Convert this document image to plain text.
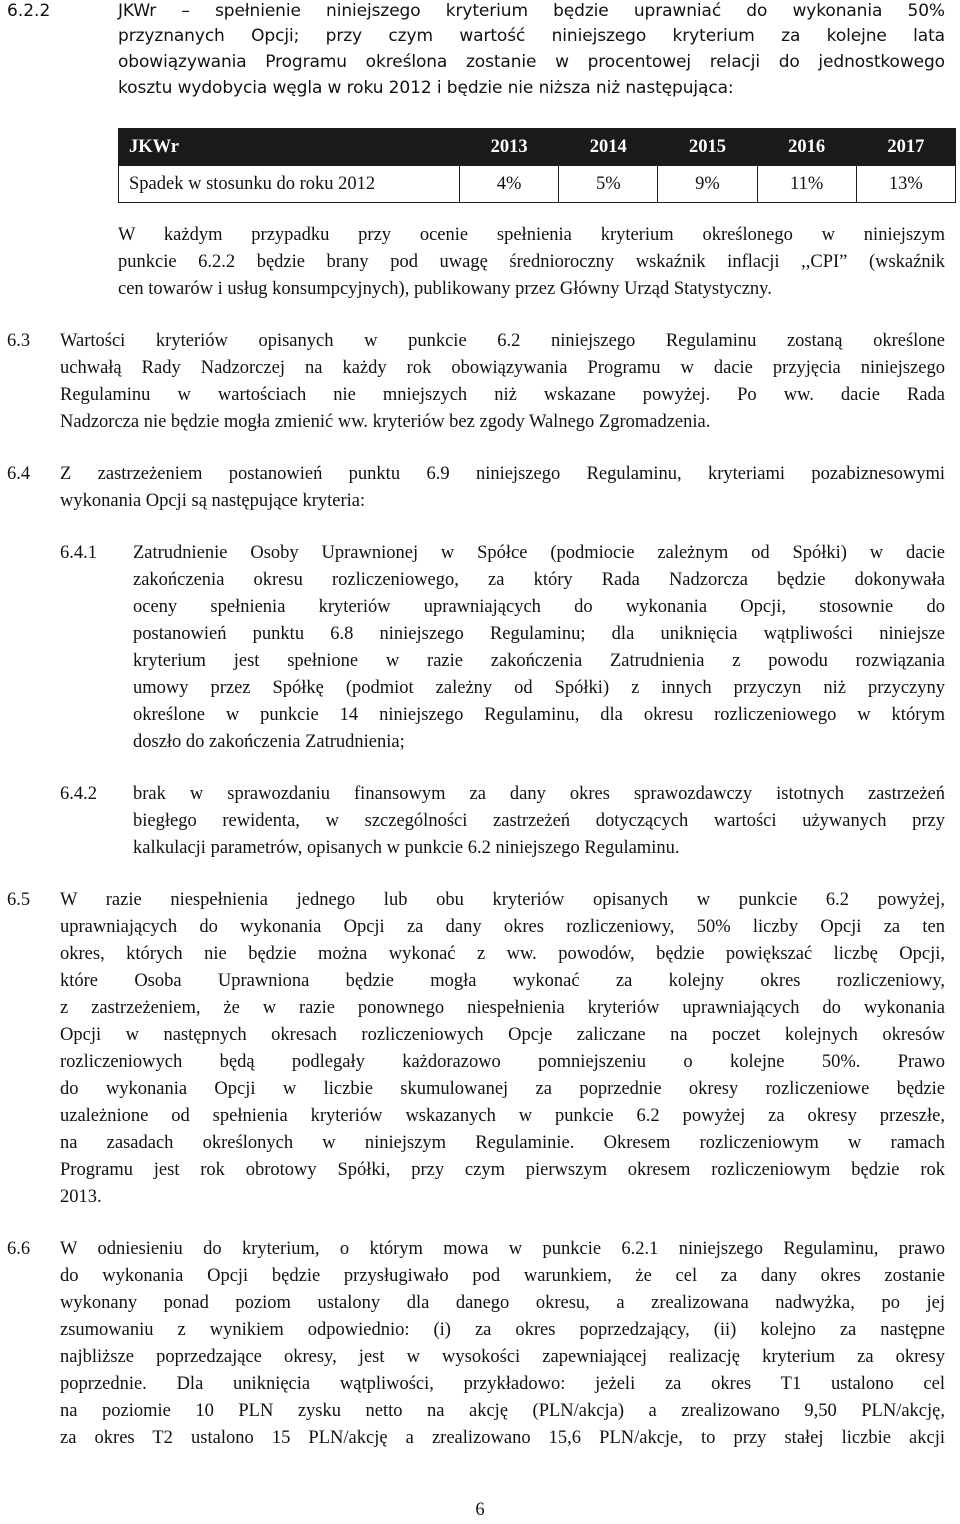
6.2.2	JKWr – spełnienie niniejszego kryterium będzie uprawniać do wykonania 50%
przyznanych Opcji; przy czym wartość niniejszego kryterium za kolejne lata
obowiązywania Programu określona zostanie w procentowej relacji do jednostkowego
kosztu wydobycia węgla w roku 2012 i będzie nie niższa niż następująca:
JKWr	2013	2014	2015	2016	2017
Spadek w stosunku do roku 2012	4%	5%	9%	11%	13%
W każdym przypadku przy ocenie spełnienia kryterium określonego w niniejszym
punkcie 6.2.2 będzie brany pod uwagę średnioroczny wskaźnik inflacji ,,CPI” (wskaźnik
cen towarów i usług konsumpcyjnych), publikowany przez Główny Urząd Statystyczny.
6.3 Wartości kryteriów opisanych w punkcie 6.2 niniejszego Regulaminu zostaną określone
uchwałą Rady Nadzorczej na każdy rok obowiązywania Programu w dacie przyjęcia niniejszego
Regulaminu w wartościach nie mniejszych niż wskazane powyżej. Po ww. dacie Rada
Nadzorcza nie będzie mogła zmienić ww. kryteriów bez zgody Walnego Zgromadzenia.
6.4 Z zastrzeżeniem postanowień punktu 6.9 niniejszego Regulaminu, kryteriami pozabiznesowymi
wykonania Opcji są następujące kryteria:
6.4.1 Zatrudnienie Osoby Uprawnionej w Spółce (podmiocie zależnym od Spółki) w dacie
zakończenia okresu rozliczeniowego, za który Rada Nadzorcza będzie dokonywała
oceny spełnienia kryteriów uprawniających do wykonania Opcji, stosownie do
postanowień punktu 6.8 niniejszego Regulaminu; dla uniknięcia wątpliwości niniejsze
kryterium jest spełnione w razie zakończenia Zatrudnienia z powodu rozwiązania
umowy przez Spółkę (podmiot zależny od Spółki) z innych przyczyn niż przyczyny
określone w punkcie 14 niniejszego Regulaminu, dla okresu rozliczeniowego w którym
doszło do zakończenia Zatrudnienia;
6.4.2 brak w sprawozdaniu finansowym za dany okres sprawozdawczy istotnych zastrzeżeń
biegłego rewidenta, w szczególności zastrzeżeń dotyczących wartości używanych przy
kalkulacji parametrów, opisanych w punkcie 6.2 niniejszego Regulaminu.
6.5 W razie niespełnienia jednego lub obu kryteriów opisanych w punkcie 6.2 powyżej,
uprawniających do wykonania Opcji za dany okres rozliczeniowy, 50% liczby Opcji za ten
okres, których nie będzie można wykonać z ww. powodów, będzie powiększać liczbę Opcji,
które Osoba Uprawniona będzie mogła wykonać za kolejny okres rozliczeniowy,
z zastrzeżeniem, że w razie ponownego niespełnienia kryteriów uprawniających do wykonania
Opcji w następnych okresach rozliczeniowych Opcje zaliczane na poczet kolejnych okresów
rozliczeniowych będą podlegały każdorazowo pomniejszeniu o kolejne 50%. Prawo
do wykonania Opcji w liczbie skumulowanej za poprzednie okresy rozliczeniowe będzie
uzależnione od spełnienia kryteriów wskazanych w punkcie 6.2 powyżej za okresy przeszłe,
na zasadach określonych w niniejszym Regulaminie. Okresem rozliczeniowym w ramach
Programu jest rok obrotowy Spółki, przy czym pierwszym okresem rozliczeniowym będzie rok
2013.
6.6 W odniesieniu do kryterium, o którym mowa w punkcie 6.2.1 niniejszego Regulaminu, prawo
do wykonania Opcji będzie przysługiwało pod warunkiem, że cel za dany okres zostanie
wykonany ponad poziom ustalony dla danego okresu, a zrealizowana nadwyżka, po jej
zsumowaniu z wynikiem odpowiednio: (i) za okres poprzedzający, (ii) kolejno za następne
najbliższe poprzedzające okresy, jest w wysokości zapewniającej realizację kryterium za okresy
poprzednie. Dla uniknięcia wątpliwości, przykładowo: jeżeli za okres T1 ustalono cel
na poziomie 10 PLN zysku netto na akcję (PLN/akcja) a zrealizowano 9,50 PLN/akcję,
za okres T2 ustalono 15 PLN/akcję a zrealizowano 15,6 PLN/akcje, to przy stałej liczbie akcji
6
